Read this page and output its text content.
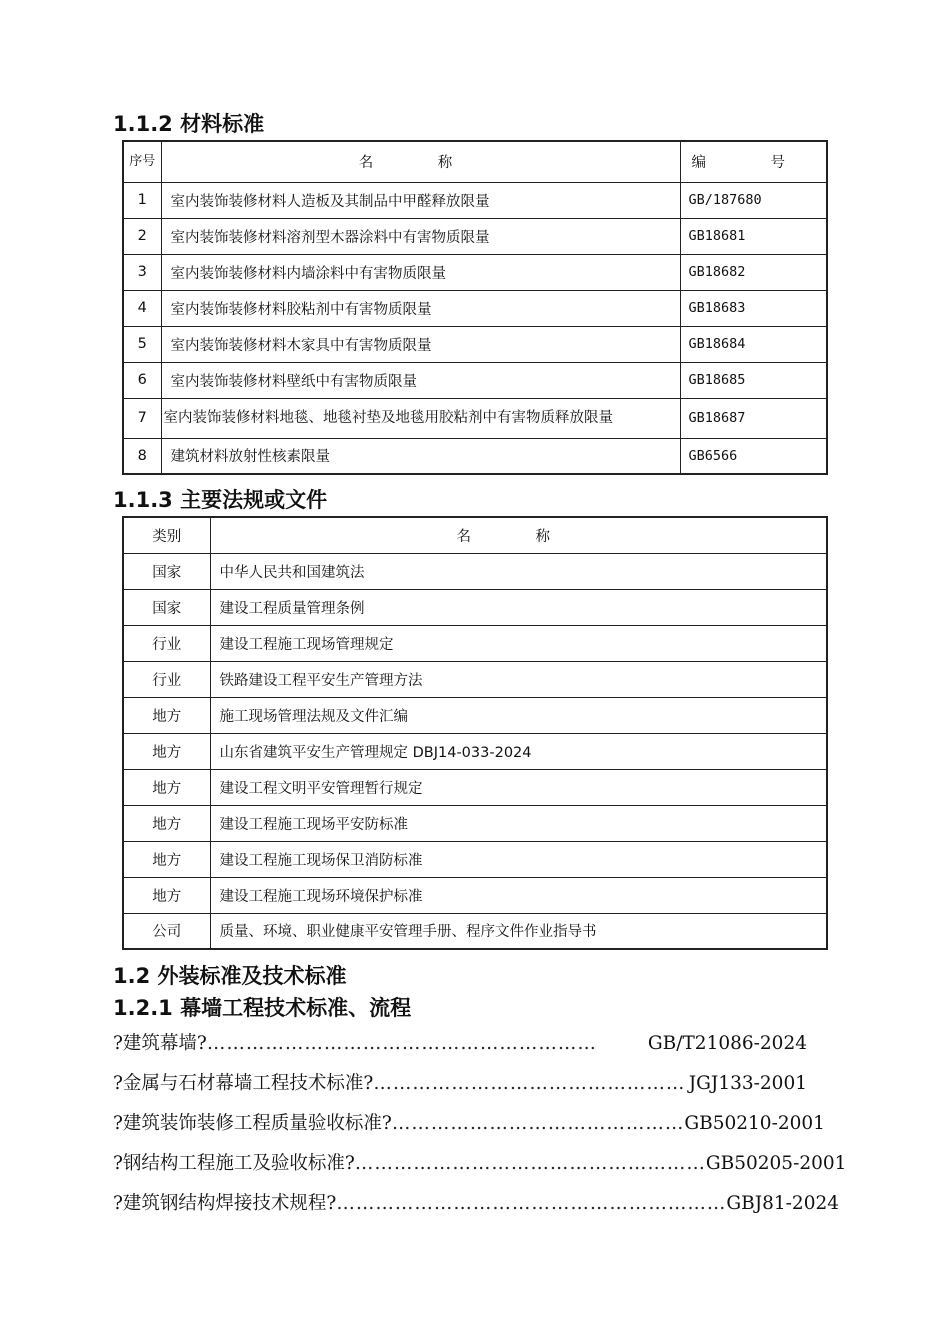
1.1.2 材料标准
序号	名 称	编 号
1	室内装饰装修材料人造板及其制品中甲醛释放限量	GB/187680
2	室内装饰装修材料溶剂型木器涂料中有害物质限量	GB18681
3	室内装饰装修材料内墙涂料中有害物质限量	GB18682
4	室内装饰装修材料胶粘剂中有害物质限量	GB18683
5	室内装饰装修材料木家具中有害物质限量	GB18684
6	室内装饰装修材料壁纸中有害物质限量	GB18685
7	室内装饰装修材料地毯、地毯衬垫及地毯用胶粘剂中有害物质释放限量	GB18687
8	建筑材料放射性核素限量	GB6566
1.1.3 主要法规或文件
类别	名 称
国家	中华人民共和国建筑法
国家	建设工程质量管理条例
行业	建设工程施工现场管理规定
行业	铁路建设工程平安生产管理方法
地方	施工现场管理法规及文件汇编
地方	山东省建筑平安生产管理规定 DBJ14-033-2024
地方	建设工程文明平安管理暂行规定
地方	建设工程施工现场平安防标准
地方	建设工程施工现场保卫消防标准
地方	建设工程施工现场环境保护标准
公司	质量、环境、职业健康平安管理手册、程序文件作业指导书
1.2 外装标准及技术标准
1.2.1 幕墙工程技术标准、流程
?建筑幕墙? ……………………………………………………	GB/T21086-2024
?金属与石材幕墙工程技术标准? ………………………………………… JGJ133-2001
?建筑装饰装修工程质量验收标准? ……………………………………… GB50210-2001
?钢结构工程施工及验收标准? ……………………………………………… GB50205-2001
?建筑钢结构焊接技术规程? …………………………………………………… GBJ81-2024
